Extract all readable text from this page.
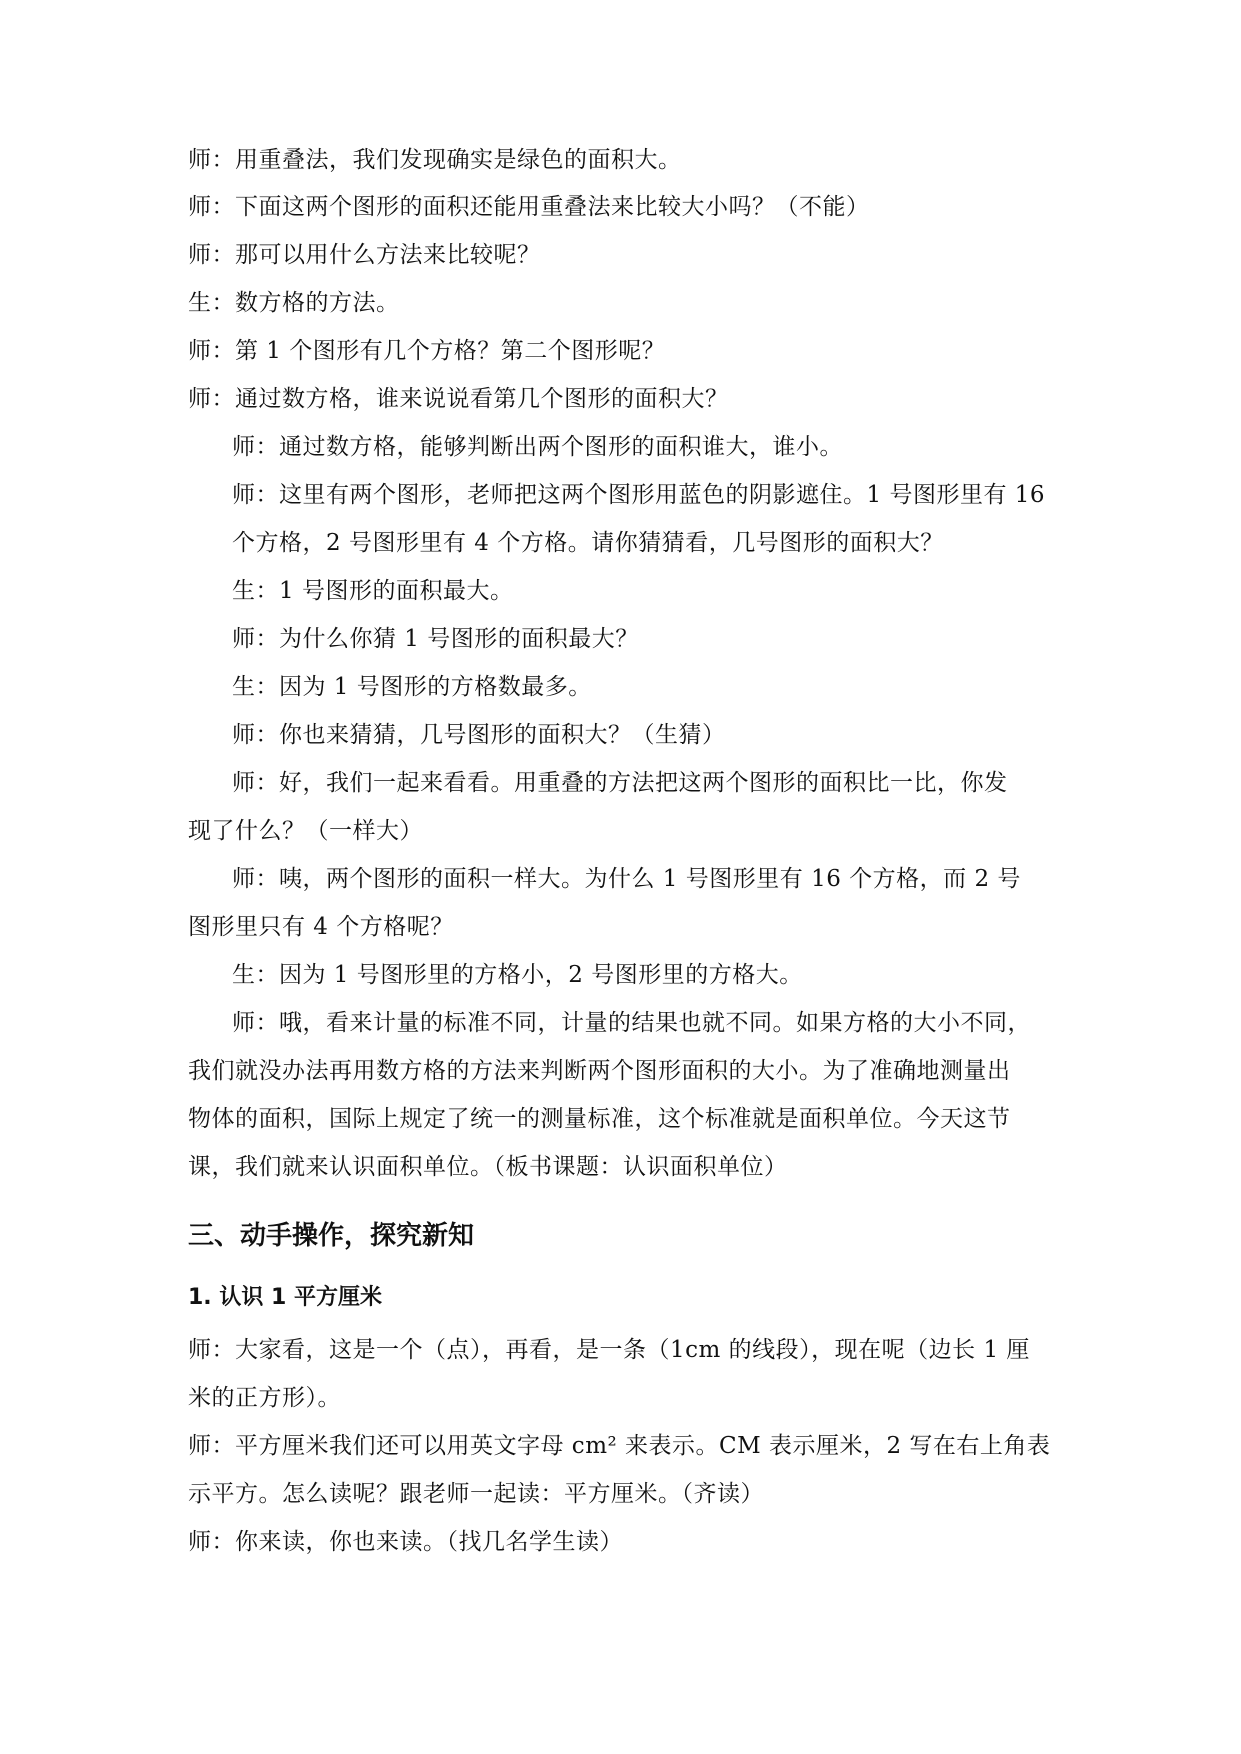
师：用重叠法，我们发现确实是绿色的面积大。
师：下面这两个图形的面积还能用重叠法来比较大小吗？（不能）
师：那可以用什么方法来比较呢？
生：数方格的方法。
师：第 1 个图形有几个方格？第二个图形呢？
师：通过数方格，谁来说说看第几个图形的面积大？
师：通过数方格，能够判断出两个图形的面积谁大，谁小。
师：这里有两个图形，老师把这两个图形用蓝色的阴影遮住。1 号图形里有 16
个方格，2 号图形里有 4 个方格。请你猜猜看，几号图形的面积大？
生：1 号图形的面积最大。
师：为什么你猜 1 号图形的面积最大？
生：因为 1 号图形的方格数最多。
师：你也来猜猜，几号图形的面积大？（生猜）
师：好，我们一起来看看。用重叠的方法把这两个图形的面积比一比，你发
现了什么？（一样大）
师：咦，两个图形的面积一样大。为什么 1 号图形里有 16 个方格，而 2 号
图形里只有 4 个方格呢？
生：因为 1 号图形里的方格小，2 号图形里的方格大。
师：哦，看来计量的标准不同，计量的结果也就不同。如果方格的大小不同，
我们就没办法再用数方格的方法来判断两个图形面积的大小。为了准确地测量出
物体的面积，国际上规定了统一的测量标准，这个标准就是面积单位。今天这节
课，我们就来认识面积单位。（板书课题：认识面积单位）
三、动手操作，探究新知
1. 认识 1 平方厘米
师：大家看，这是一个（点），再看，是一条（1cm 的线段），现在呢（边长 1 厘
米的正方形）。
师：平方厘米我们还可以用英文字母 cm² 来表示。CM 表示厘米，2 写在右上角表
示平方。怎么读呢？跟老师一起读：平方厘米。（齐读）
师：你来读，你也来读。（找几名学生读）
